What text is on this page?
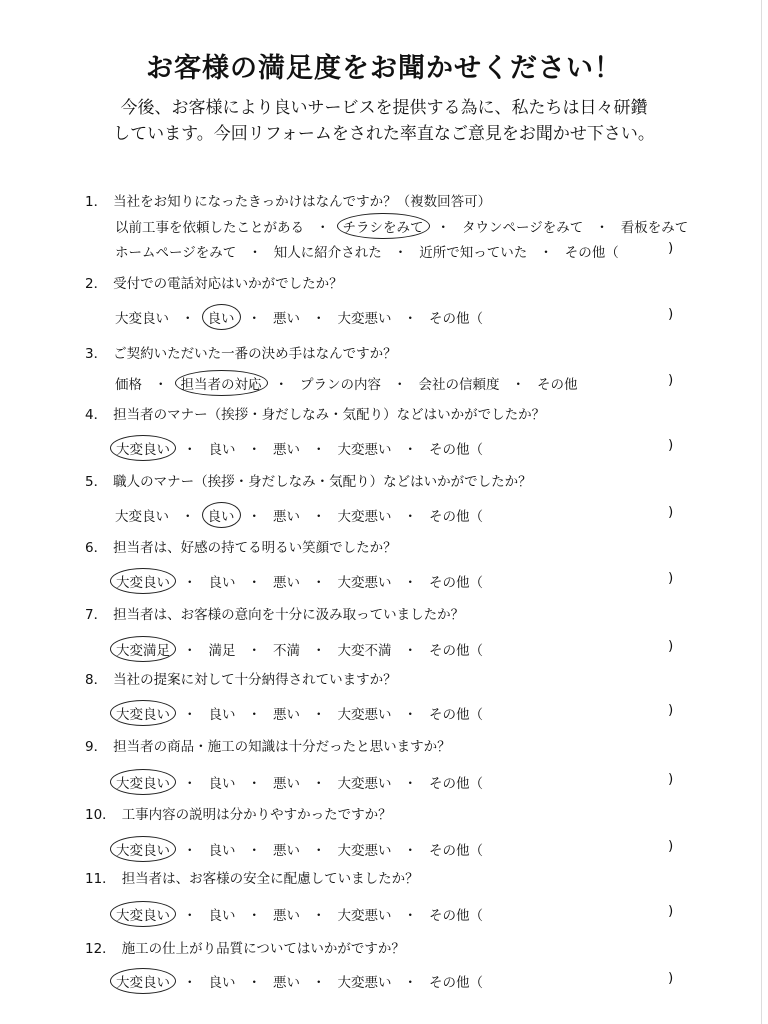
お客様の満足度をお聞かせください！
今後、お客様により良いサービスを提供する為に、私たちは日々研鑽
しています。今回リフォームをされた率直なご意見をお聞かせ下さい。
1． 当社をお知りになったきっかけはなんですか？（複数回答可）
以前工事を依頼したことがある ・ チラシをみて ・ タウンページをみて ・ 看板をみて
ホームページをみて ・ 知人に紹介された ・ 近所で知っていた ・ その他（	)
2． 受付での電話対応はいかがでしたか？
大変良い ・ 良い ・ 悪い ・ 大変悪い ・ その他（	)
3． ご契約いただいた一番の決め手はなんですか？
価格 ・ 担当者の対応 ・ プランの内容 ・ 会社の信頼度 ・ その他	)
4． 担当者のマナー（挨拶・身だしなみ・気配り）などはいかがでしたか？
大変良い ・ 良い ・ 悪い ・ 大変悪い ・ その他（	)
5． 職人のマナー（挨拶・身だしなみ・気配り）などはいかがでしたか？
大変良い ・ 良い ・ 悪い ・ 大変悪い ・ その他（	)
6． 担当者は、好感の持てる明るい笑顔でしたか？
大変良い ・ 良い ・ 悪い ・ 大変悪い ・ その他（	)
7． 担当者は、お客様の意向を十分に汲み取っていましたか？
大変満足 ・ 満足 ・ 不満 ・ 大変不満 ・ その他（	)
8． 当社の提案に対して十分納得されていますか？
大変良い ・ 良い ・ 悪い ・ 大変悪い ・ その他（	)
9． 担当者の商品・施工の知識は十分だったと思いますか？
大変良い ・ 良い ・ 悪い ・ 大変悪い ・ その他（	)
10． 工事内容の説明は分かりやすかったですか？
大変良い ・ 良い ・ 悪い ・ 大変悪い ・ その他（	)
11． 担当者は、お客様の安全に配慮していましたか？
大変良い ・ 良い ・ 悪い ・ 大変悪い ・ その他（	)
12． 施工の仕上がり品質についてはいかがですか？
大変良い ・ 良い ・ 悪い ・ 大変悪い ・ その他（	)
